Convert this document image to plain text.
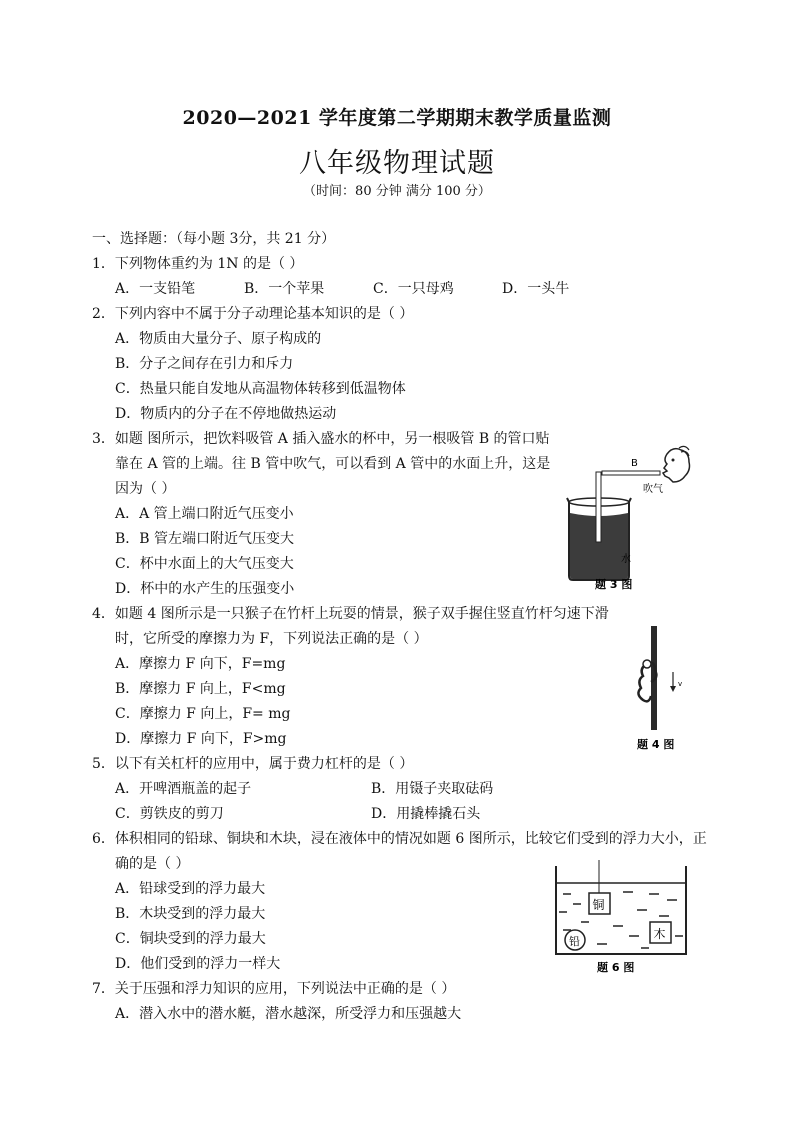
2020—2021 学年度第二学期期末教学质量监测
八年级物理试题
（时间：80 分钟 满分 100 分）
一、选择题：（每小题 3分，共 21 分）
1．下列物体重约为 1N 的是（ ）
A．一支铅笔	B．一个苹果	C．一只母鸡	D．一头牛
2．下列内容中不属于分子动理论基本知识的是（ ）
A．物质由大量分子、原子构成的
B．分子之间存在引力和斥力
C．热量只能自发地从高温物体转移到低温物体
D．物质内的分子在不停地做热运动
3．如题 图所示，把饮料吸管 A 插入盛水的杯中，另一根吸管 B 的管口贴
靠在 A 管的上端。往 B 管中吹气，可以看到 A 管中的水面上升，这是
因为（ ）
A．A 管上端口附近气压变小
B．B 管左端口附近气压变大
C．杯中水面上的大气压变大
D．杯中的水产生的压强变小
4．如题 4 图所示是一只猴子在竹杆上玩耍的情景，猴子双手握住竖直竹杆匀速下滑
时，它所受的摩擦力为 F，下列说法正确的是（ ）
A．摩擦力 F 向下，F=mg
B．摩擦力 F 向上，F<mg
C．摩擦力 F 向上，F= mg
D．摩擦力 F 向下，F>mg
5．以下有关杠杆的应用中，属于费力杠杆的是（ ）
A．开啤酒瓶盖的起子	B．用镊子夹取砝码
C．剪铁皮的剪刀	D．用撬棒撬石头
6．体积相同的铅球、铜块和木块，浸在液体中的情况如题 6 图所示，比较它们受到的浮力大小，正
确的是（ ）
A．铅球受到的浮力最大
B．木块受到的浮力最大
C．铜块受到的浮力最大
D．他们受到的浮力一样大
7．关于压强和浮力知识的应用，下列说法中正确的是（ ）
A．潜入水中的潜水艇，潜水越深，所受浮力和压强越大
B
吹气
水
题 3 图
v
题 4 图
铜
铅
木
题 6 图
